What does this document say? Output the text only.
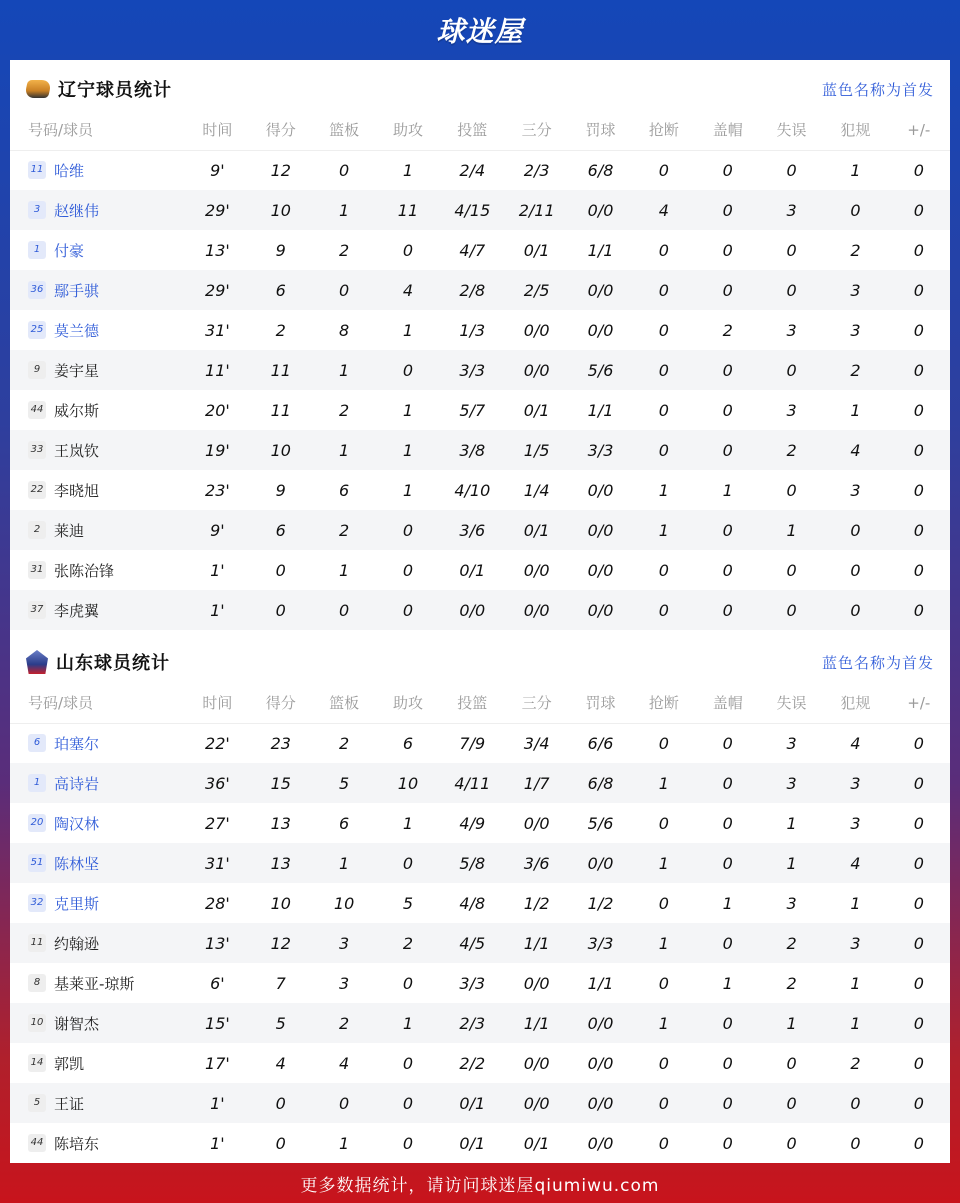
球迷屋
辽宁球员统计	蓝色名称为首发
号码/球员	时间	得分	篮板	助攻	投篮	三分	罚球	抢断	盖帽	失误	犯规	+/-
11 哈维	9'	12	0	1	2/4	2/3	6/8	0	0	0	1	0
3 赵继伟	29'	10	1	11	4/15	2/11	0/0	4	0	3	0	0
1 付豪	13'	9	2	0	4/7	0/1	1/1	0	0	0	2	0
36 鄢手骐	29'	6	0	4	2/8	2/5	0/0	0	0	0	3	0
25 莫兰德	31'	2	8	1	1/3	0/0	0/0	0	2	3	3	0
9 姜宇星	11'	11	1	0	3/3	0/0	5/6	0	0	0	2	0
44 威尔斯	20'	11	2	1	5/7	0/1	1/1	0	0	3	1	0
33 王岚钦	19'	10	1	1	3/8	1/5	3/3	0	0	2	4	0
22 李晓旭	23'	9	6	1	4/10	1/4	0/0	1	1	0	3	0
2 莱迪	9'	6	2	0	3/6	0/1	0/0	1	0	1	0	0
31 张陈治锋	1'	0	1	0	0/1	0/0	0/0	0	0	0	0	0
37 李虎翼	1'	0	0	0	0/0	0/0	0/0	0	0	0	0	0
山东球员统计	蓝色名称为首发
号码/球员	时间	得分	篮板	助攻	投篮	三分	罚球	抢断	盖帽	失误	犯规	+/-
6 珀塞尔	22'	23	2	6	7/9	3/4	6/6	0	0	3	4	0
1 高诗岩	36'	15	5	10	4/11	1/7	6/8	1	0	3	3	0
20 陶汉林	27'	13	6	1	4/9	0/0	5/6	0	0	1	3	0
51 陈林坚	31'	13	1	0	5/8	3/6	0/0	1	0	1	4	0
32 克里斯	28'	10	10	5	4/8	1/2	1/2	0	1	3	1	0
11 约翰逊	13'	12	3	2	4/5	1/1	3/3	1	0	2	3	0
8 基莱亚-琼斯	6'	7	3	0	3/3	0/0	1/1	0	1	2	1	0
10 谢智杰	15'	5	2	1	2/3	1/1	0/0	1	0	1	1	0
14 郭凯	17'	4	4	0	2/2	0/0	0/0	0	0	0	2	0
5 王证	1'	0	0	0	0/1	0/0	0/0	0	0	0	0	0
44 陈培东	1'	0	1	0	0/1	0/1	0/0	0	0	0	0	0
更多数据统计，请访问球迷屋qiumiwu.com
